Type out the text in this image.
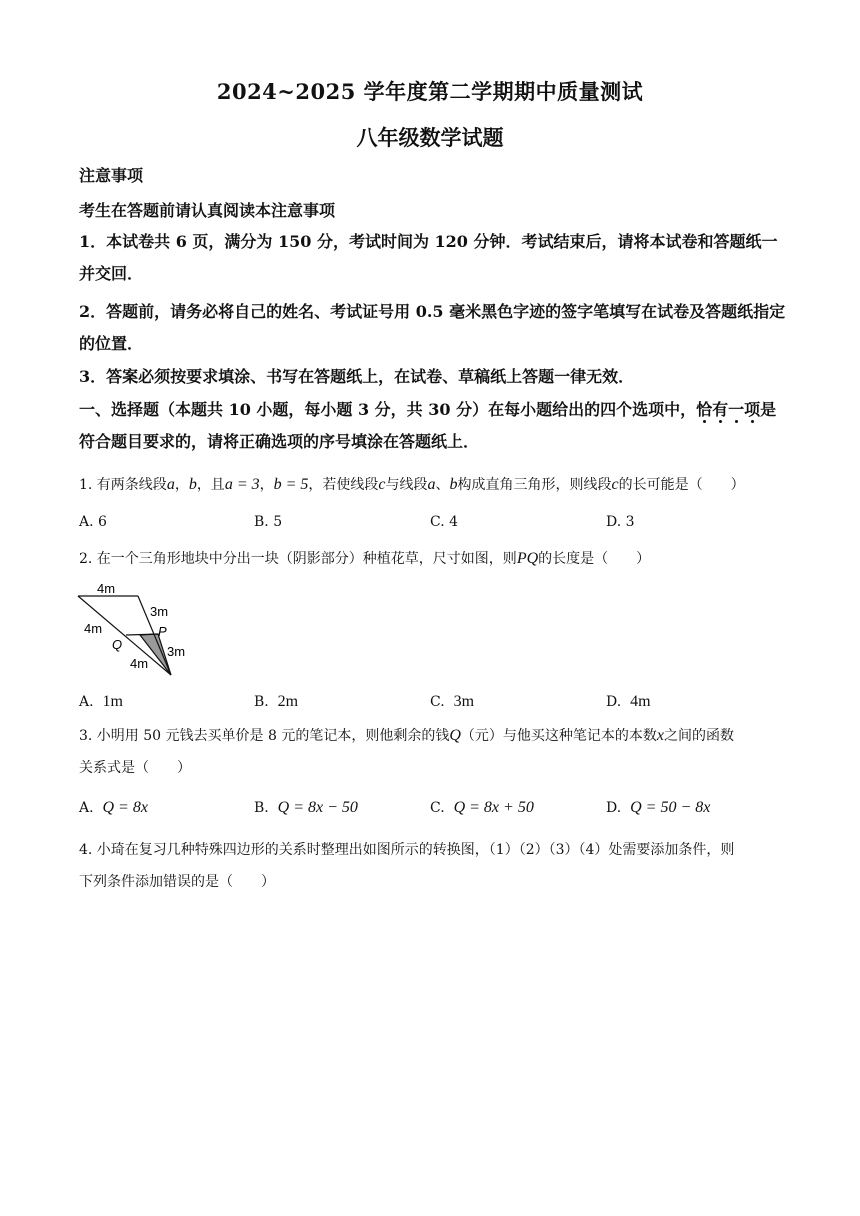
2024~2025 学年度第二学期期中质量测试
八年级数学试题
注意事项
考生在答题前请认真阅读本注意事项
1．本试卷共 6 页，满分为 150 分，考试时间为 120 分钟．考试结束后，请将本试卷和答题纸一并交回．
2．答题前，请务必将自己的姓名、考试证号用 0.5 毫米黑色字迹的签字笔填写在试卷及答题纸指定的位置．
3．答案必须按要求填涂、书写在答题纸上，在试卷、草稿纸上答题一律无效．
一、选择题（本题共 10 小题，每小题 3 分，共 30 分）在每小题给出的四个选项中，恰有一项是符合题目要求的，请将正确选项的序号填涂在答题纸上．
1. 有两条线段a，b，且a = 3，b = 5，若使线段c与线段a、b构成直角三角形，则线段c的长可能是（　　）
A. 6	B. 5	C. 4	D. 3
2. 在一个三角形地块中分出一块（阴影部分）种植花草，尺寸如图，则PQ的长度是（　　）
4m
3m
4m
Q
P
4m
3m
A. 1m	B. 2m	C. 3m	D. 4m
3. 小明用 50 元钱去买单价是 8 元的笔记本，则他剩余的钱Q（元）与他买这种笔记本的本数x之间的函数
关系式是（　　）
A. Q = 8x	B. Q = 8x − 50	C. Q = 8x + 50	D. Q = 50 − 8x
4. 小琦在复习几种特殊四边形的关系时整理出如图所示的转换图，（1）（2）（3）（4）处需要添加条件，则
下列条件添加错误的是（　　）
